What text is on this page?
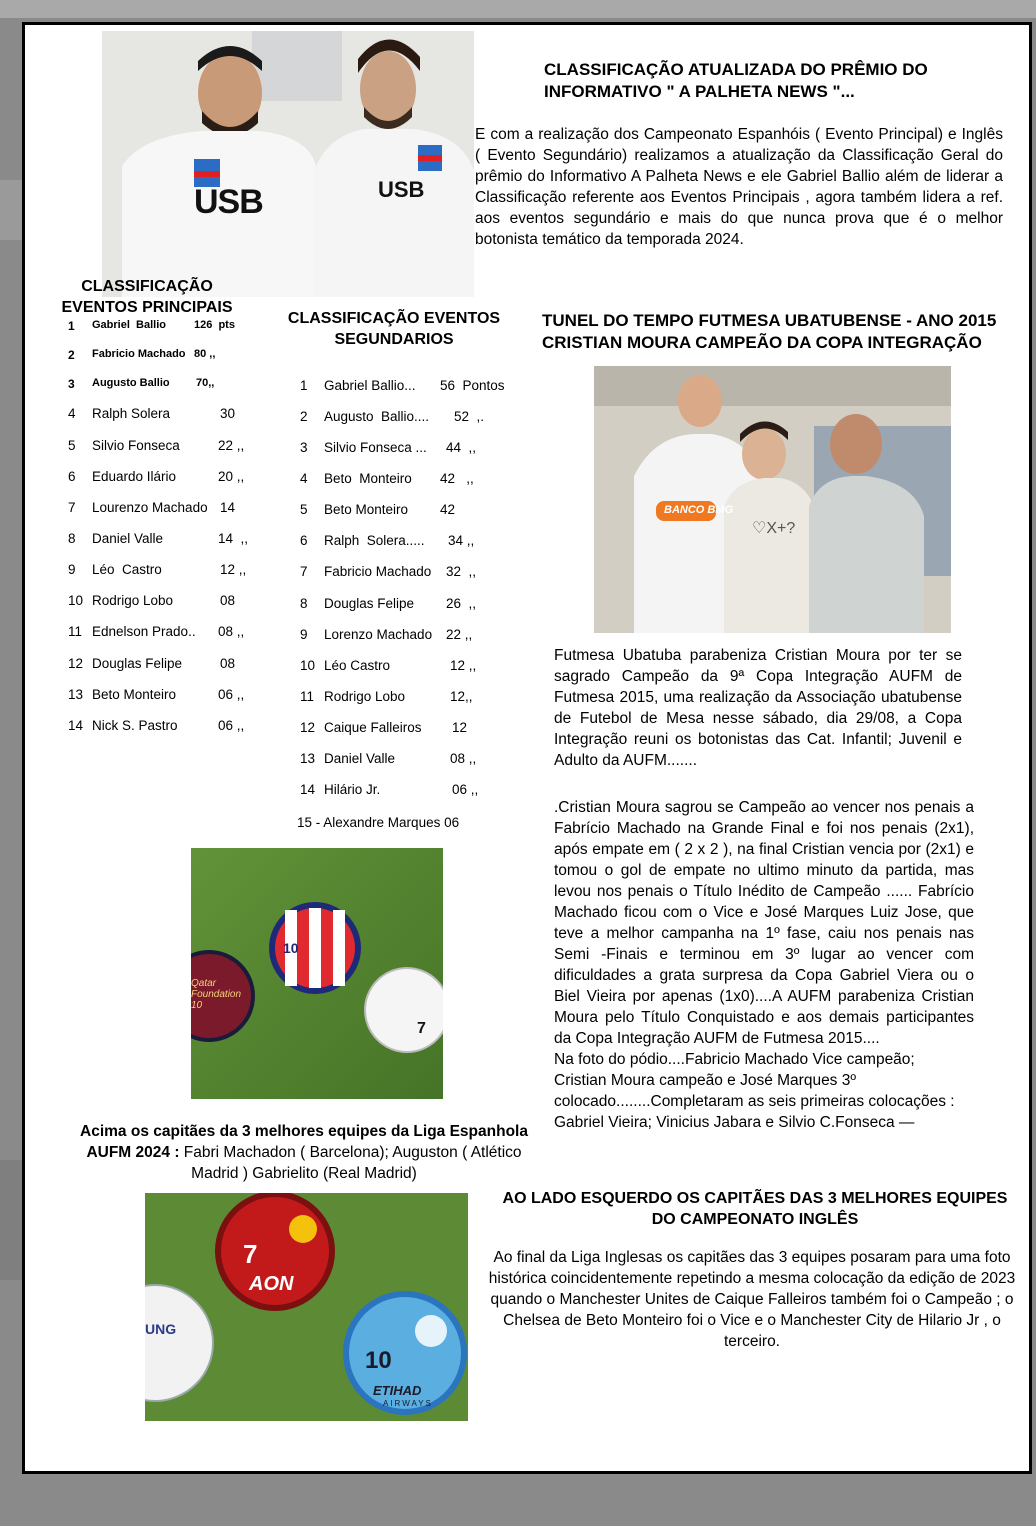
USB	USB
CLASSIFICAÇÃO ATUALIZADA DO PRÊMIO DO INFORMATIVO " A PALHETA NEWS "...
E com a realização dos Campeonato Espanhóis ( Evento Principal) e Inglês ( Evento Segundário) realizamos a atualização da Classificação Geral do prêmio do Informativo A Palheta News e ele Gabriel Ballio além de liderar a Classificação referente aos Eventos Principais , agora também lidera a ref. aos eventos segundário e mais do que nunca prova que é o melhor botonista temático da temporada 2024.
CLASSIFICAÇÃO EVENTOS PRINCIPAIS
1 Gabriel  Ballio	126  pts
2 Fabricio Machado 80 ,,
3 Augusto Ballio 70,,
4 Ralph Solera	30
5 Silvio Fonseca	22 ,,
6 Eduardo Ilário	20 ,,
7 Lourenzo Machado 14
8 Daniel Valle	14  ,,
9 Léo  Castro	12 ,,
10 Rodrigo Lobo	08
11 Ednelson Prado.. 08 ,,
12 Douglas Felipe	08
13 Beto Monteiro	06 ,,
14 Nick S. Pastro	06 ,,
CLASSIFICAÇÃO EVENTOS SEGUNDARIOS
1 Gabriel Ballio... 56  Pontos
2 Augusto  Ballio.... 52  ,.
3 Silvio Fonseca ... 44  ,,
4 Beto  Monteiro 42   ,,
5 Beto Monteiro 42
6 Ralph  Solera..... 34 ,,
7 Fabricio Machado 32  ,,
8 Douglas Felipe 26  ,,
9 Lorenzo Machado 22 ,,
10 Léo Castro	12 ,,
11 Rodrigo Lobo	12,,
12 Caique Falleiros 12
13 Daniel Valle	08 ,,
14 Hilário Jr.	06 ,,
15 - Alexandre Marques 06
TUNEL DO TEMPO FUTMESA UBATUBENSE - ANO 2015 CRISTIAN MOURA CAMPEÃO DA COPA INTEGRAÇÃO
BANCO BMG
♡X+?
Futmesa Ubatuba parabeniza Cristian Moura por ter se sagrado Campeão da 9ª Copa Integração AUFM de Futmesa 2015, uma realização da Associação ubatubense de Futebol de Mesa nesse sábado, dia 29/08, a Copa Integração reuni os botonistas das Cat. Infantil; Juvenil e Adulto da AUFM.......
.Cristian Moura sagrou se Campeão ao vencer nos penais a Fabrício Machado na Grande Final e foi nos penais (2x1), após empate em ( 2 x 2 ), na final Cristian vencia por (2x1) e tomou o gol de empate no ultimo minuto da partida, mas levou nos penais o Título Inédito de Campeão ...... Fabrício Machado ficou com o Vice e José Marques Luiz Jose, que teve a melhor campanha na 1º fase, caiu nos penais nas Semi -Finais e terminou em 3º lugar ao vencer com dificuldades a grata surpresa da Copa Gabriel Viera ou o Biel Vieira por apenas (1x0)....A AUFM parabeniza Cristian Moura pelo Título Conquistado e aos demais participantes da Copa Integração AUFM de Futmesa 2015....
Na foto do pódio....Fabricio Machado Vice campeão; Cristian Moura campeão e José Marques 3º colocado........Completaram as seis primeiras colocações : Gabriel Vieira; Vinicius Jabara e Silvio C.Fonseca —
Qatar Foundation 10
10
7
Acima os capitães da 3 melhores equipes da Liga Espanhola AUFM 2024 : Fabri Machadon ( Barcelona); Auguston ( Atlético Madrid ) Gabrielito (Real Madrid)
7
AON
UNG
10
ETIHAD
AIRWAYS
AO LADO ESQUERDO OS CAPITÃES DAS 3 MELHORES EQUIPES DO CAMPEONATO INGLÊS
Ao final da Liga Inglesas os capitães das 3 equipes posaram para uma foto histórica coincidentemente repetindo a mesma colocação da edição de 2023 quando o Manchester Unites de Caique Falleiros também foi o Campeão ; o Chelsea de Beto Monteiro foi o Vice e o Manchester City de Hilario Jr , o terceiro.
